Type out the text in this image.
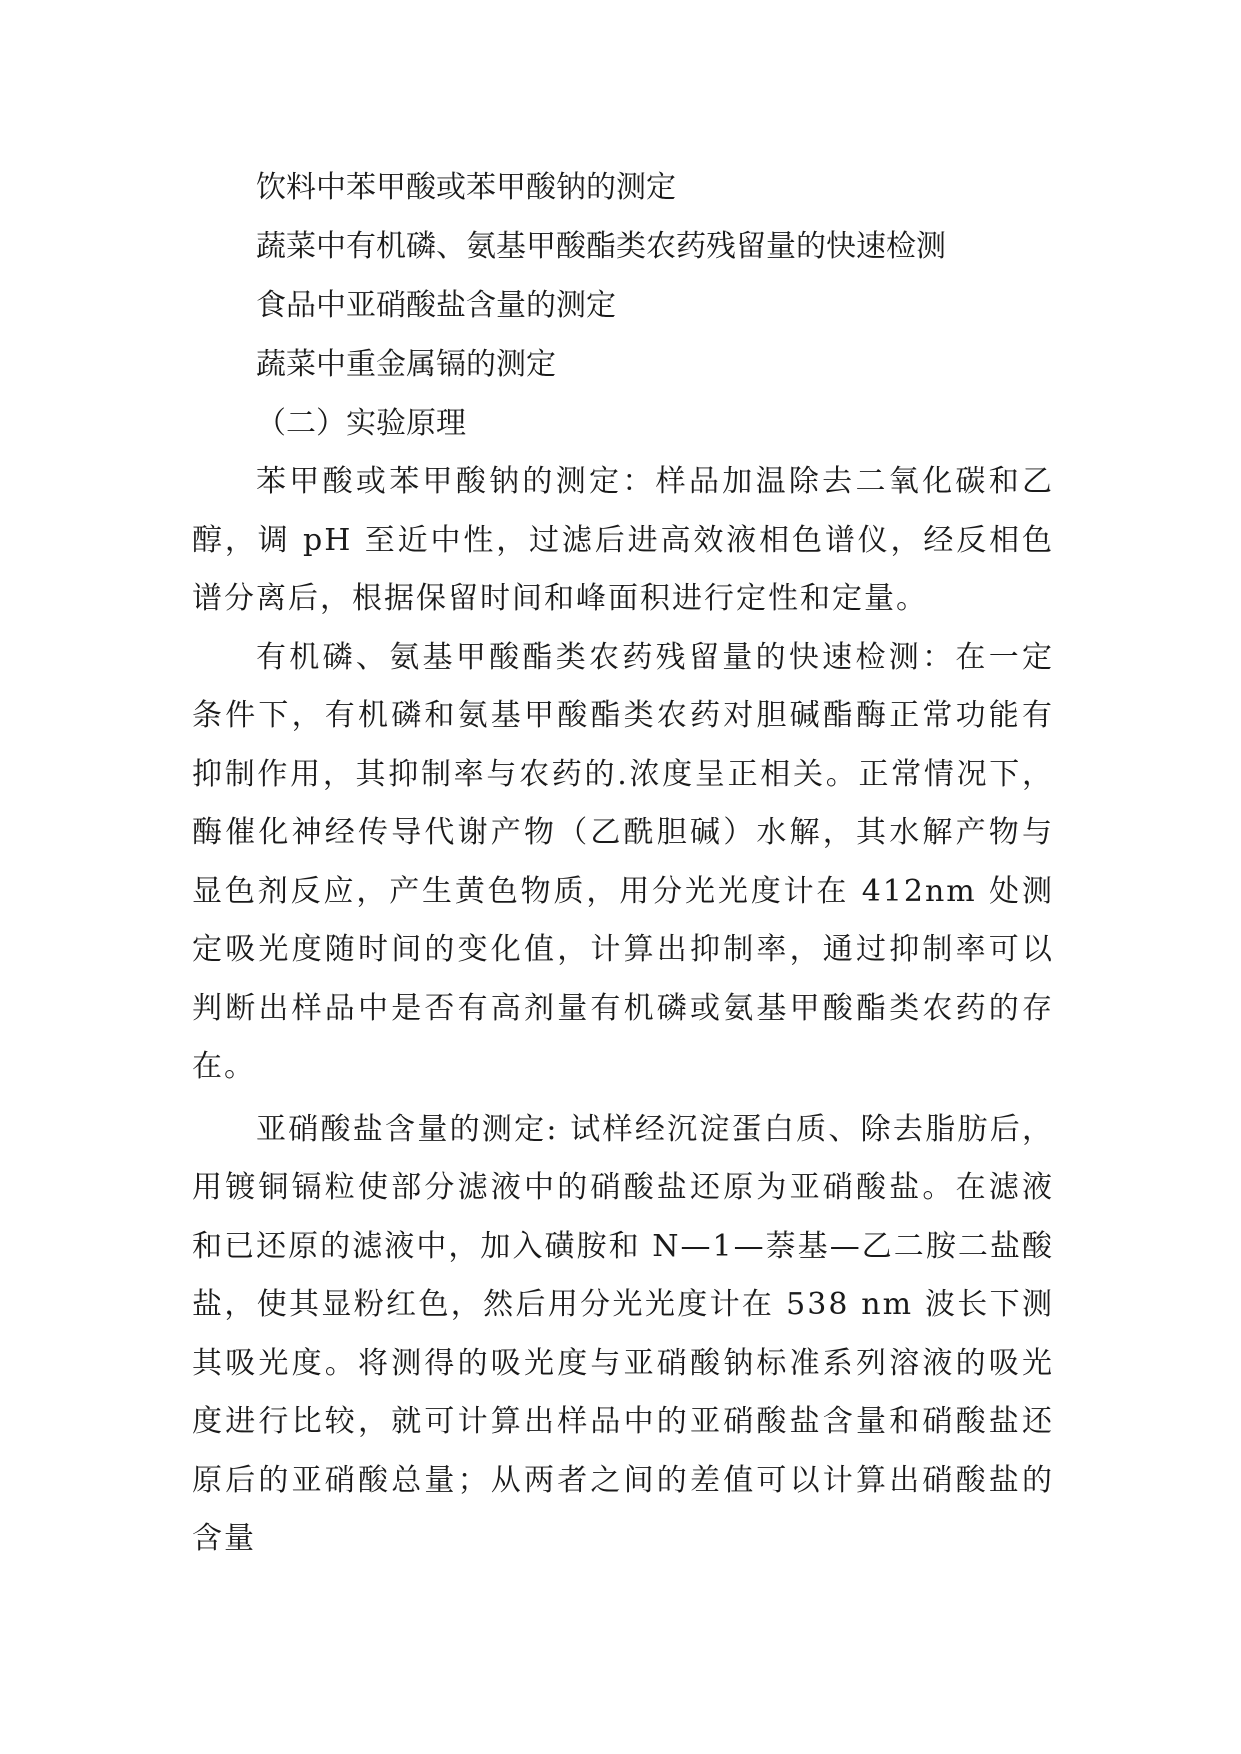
饮料中苯甲酸或苯甲酸钠的测定

蔬菜中有机磷、氨基甲酸酯类农药残留量的快速检测

食品中亚硝酸盐含量的测定

蔬菜中重金属镉的测定

（二）实验原理

苯甲酸或苯甲酸钠的测定：样品加温除去二氧化碳和乙醇，调 pH 至近中性，过滤后进高效液相色谱仪，经反相色谱分离后，根据保留时间和峰面积进行定性和定量。

有机磷、氨基甲酸酯类农药残留量的快速检测：在一定条件下，有机磷和氨基甲酸酯类农药对胆碱酯酶正常功能有抑制作用，其抑制率与农药的.浓度呈正相关。正常情况下，酶催化神经传导代谢产物（乙酰胆碱）水解，其水解产物与显色剂反应，产生黄色物质，用分光光度计在 412nm 处测定吸光度随时间的变化值，计算出抑制率，通过抑制率可以判断出样品中是否有高剂量有机磷或氨基甲酸酯类农药的存在。

亚硝酸盐含量的测定: 试样经沉淀蛋白质、除去脂肪后，用镀铜镉粒使部分滤液中的硝酸盐还原为亚硝酸盐。在滤液和已还原的滤液中，加入磺胺和 N—1—萘基—乙二胺二盐酸盐，使其显粉红色，然后用分光光度计在 538 nm 波长下测其吸光度。将测得的吸光度与亚硝酸钠标准系列溶液的吸光度进行比较，就可计算出样品中的亚硝酸盐含量和硝酸盐还原后的亚硝酸总量；从两者之间的差值可以计算出硝酸盐的含量
